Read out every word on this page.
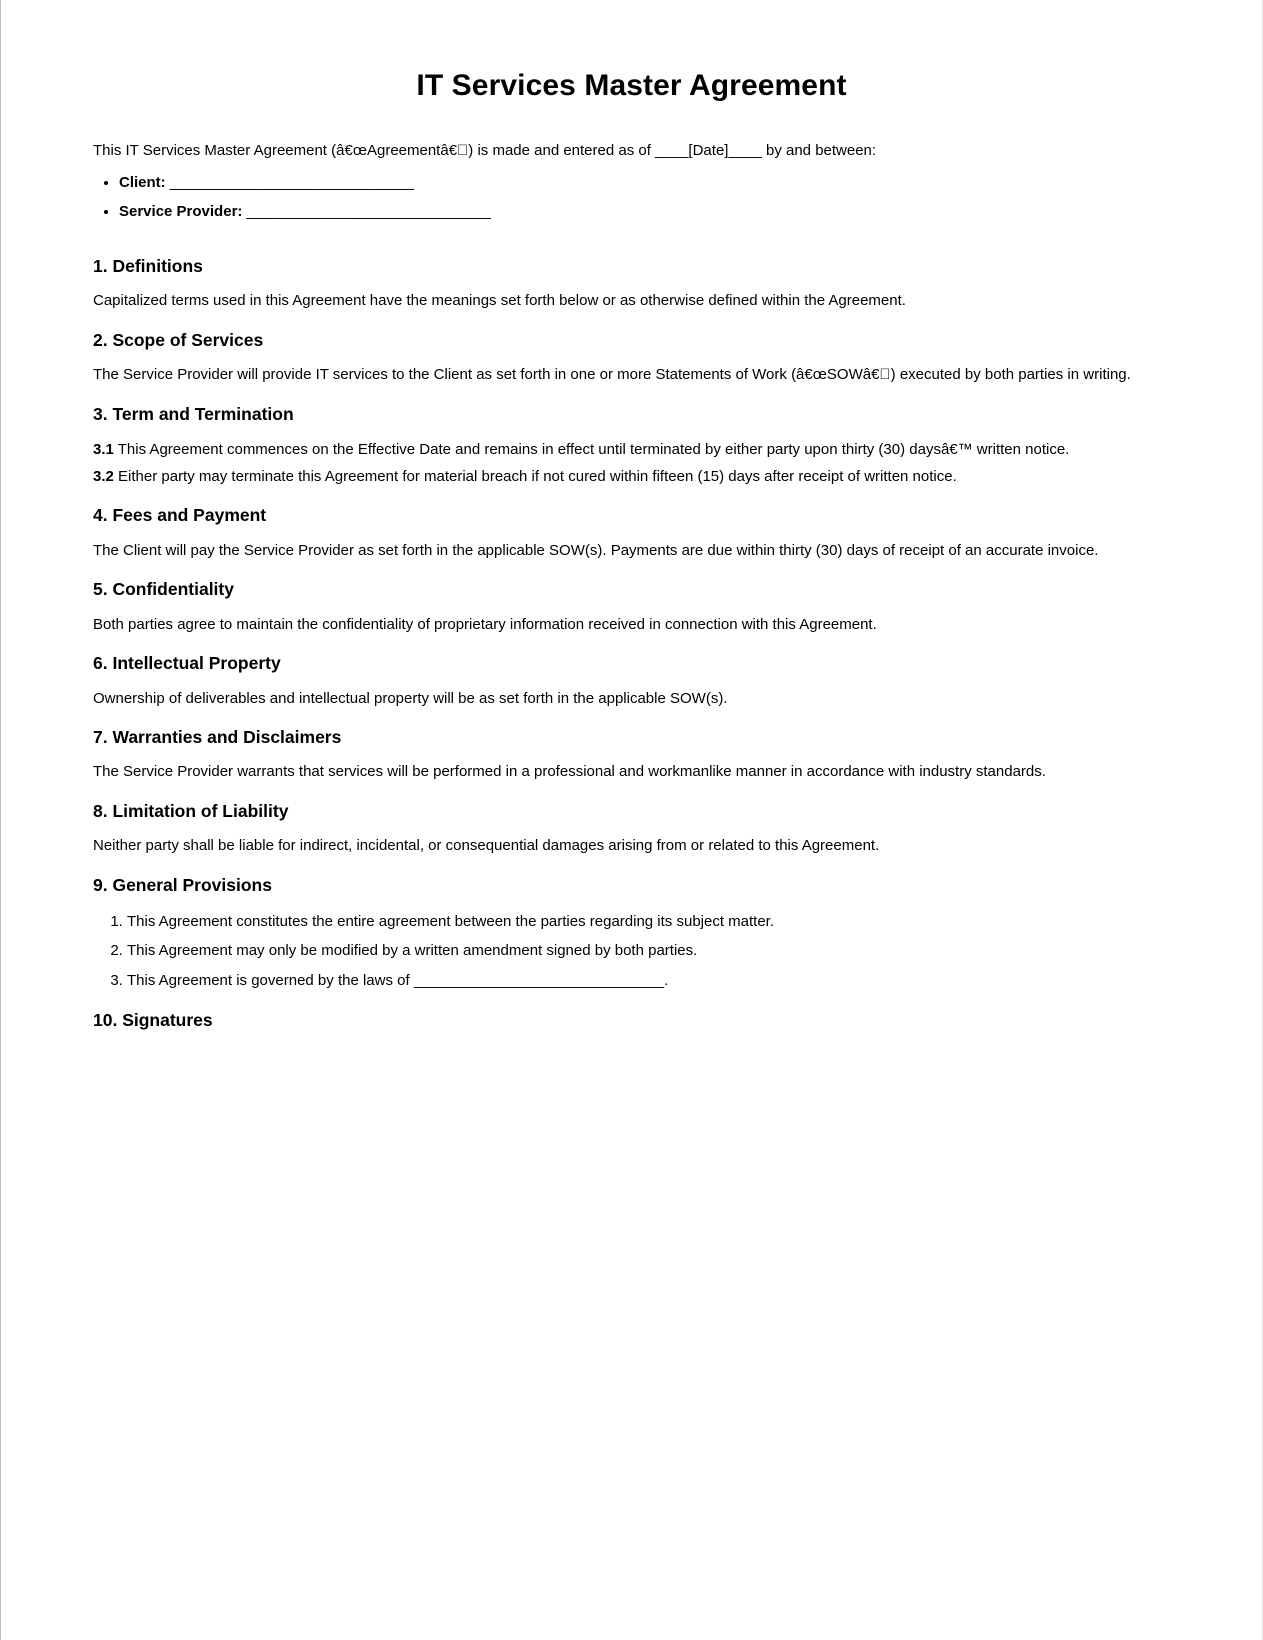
IT Services Master Agreement

This IT Services Master Agreement (â€œAgreementâ€ ) is made and entered as of ____[Date]____ by and between:

• Client: ______________________________
• Service Provider: ______________________________
1. Definitions

Capitalized terms used in this Agreement have the meanings set forth below or as otherwise defined within the Agreement.

2. Scope of Services

The Service Provider will provide IT services to the Client as set forth in one or more Statements of Work (â€œSOWâ€ ) executed by both parties in writing.

3. Term and Termination

3.1 This Agreement commences on the Effective Date and remains in effect until terminated by either party upon thirty (30) daysâ€™ written notice.

3.2 Either party may terminate this Agreement for material breach if not cured within fifteen (15) days after receipt of written notice.

4. Fees and Payment

The Client will pay the Service Provider as set forth in the applicable SOW(s). Payments are due within thirty (30) days of receipt of an accurate invoice.

5. Confidentiality

Both parties agree to maintain the confidentiality of proprietary information received in connection with this Agreement.

6. Intellectual Property

Ownership of deliverables and intellectual property will be as set forth in the applicable SOW(s).

7. Warranties and Disclaimers

The Service Provider warrants that services will be performed in a professional and workmanlike manner in accordance with industry standards.

8. Limitation of Liability

Neither party shall be liable for indirect, incidental, or consequential damages arising from or related to this Agreement.

9. General Provisions
1. This Agreement constitutes the entire agreement between the parties regarding its subject matter.
2. This Agreement may only be modified by a written amendment signed by both parties.
3. This Agreement is governed by the laws of ______________________________.
10. Signatures
